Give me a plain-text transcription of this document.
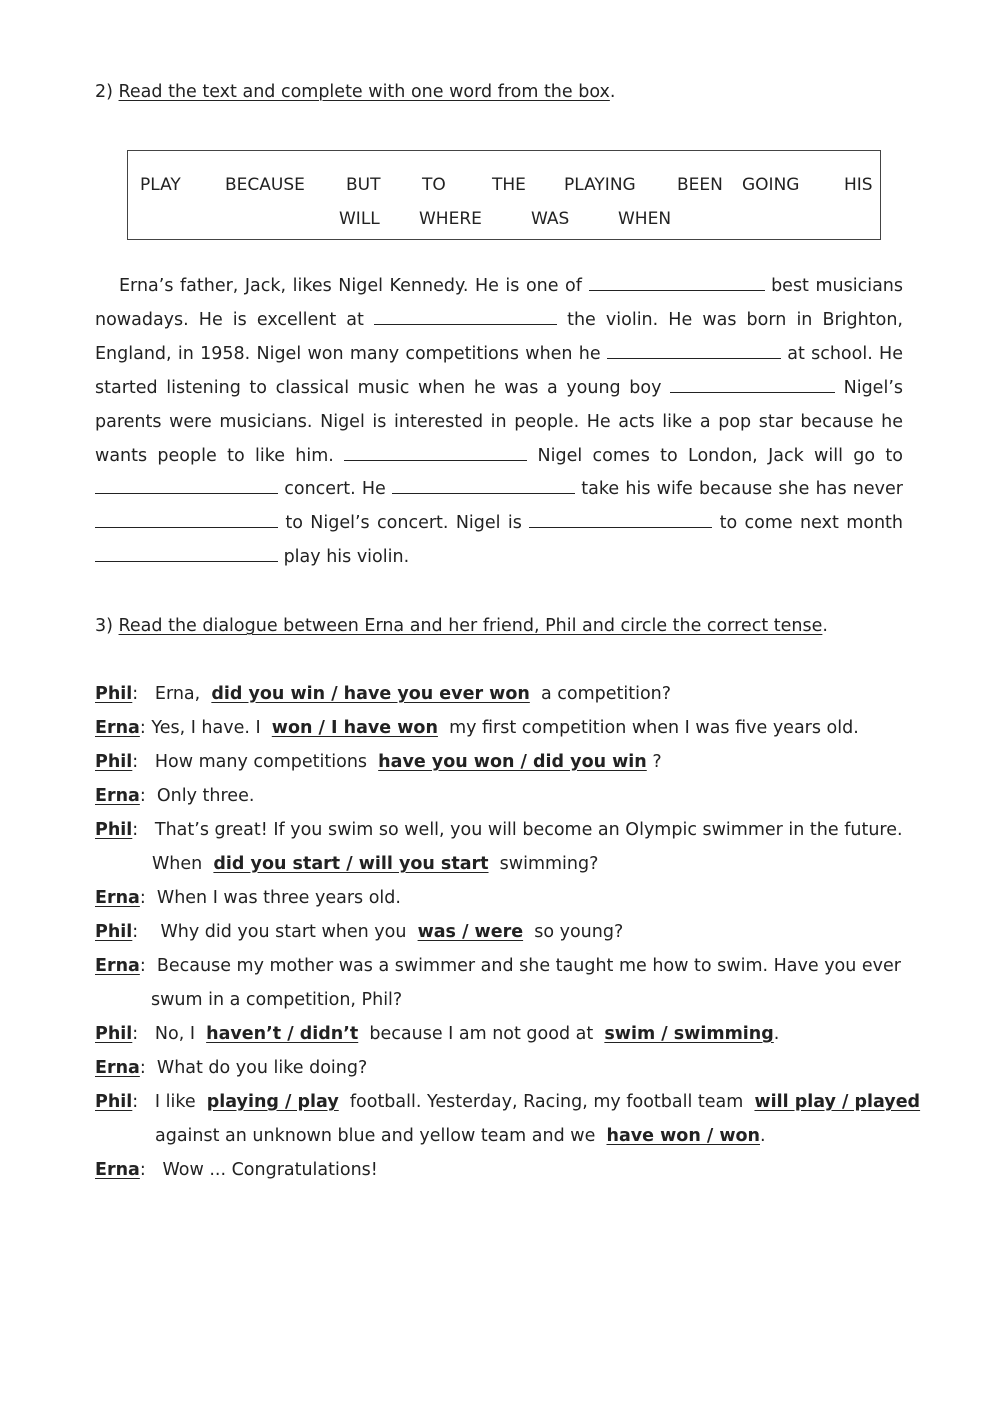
2) Read the text and complete with one word from the box.
PLAY	BECAUSE BUT TO	THE PLAYING BEEN GOING	HIS
WILL WHERE	WAS	WHEN
Erna’s father, Jack, likes Nigel Kennedy. He is one of	best musicians nowadays. He is excellent at	the violin. He was born in Brighton, England, in 1958. Nigel won many competitions when he	at school. He started listening to classical music when he was a young boy	Nigel’s parents were musicians. Nigel is interested in people. He acts like a pop star because he wants people to like him.	Nigel comes to London, Jack will go to  concert. He	take his wife because she has never  to Nigel’s concert. Nigel is	to come next month  play his violin.
3) Read the dialogue between Erna and her friend, Phil and circle the correct tense.
Phil:   Erna, did you win / have you ever won a competition?
Erna: Yes, I have. I won / I have won my first competition when I was five years old.
Phil:   How many competitions have you won / did you win ?
Erna:  Only three.
Phil:   That’s great! If you swim so well, you will become an Olympic swimmer in the future.
When did you start / will you start swimming?
Erna:  When I was three years old.
Phil:    Why did you start when you was / were so young?
Erna:  Because my mother was a swimmer and she taught me how to swim. Have you ever
swum in a competition, Phil?
Phil:   No, I haven’t / didn’t because I am not good at swim / swimming.
Erna:  What do you like doing?
Phil:   I like playing / play football. Yesterday, Racing, my football team will play / played
against an unknown blue and yellow team and we have won / won.
Erna:   Wow ... Congratulations!
